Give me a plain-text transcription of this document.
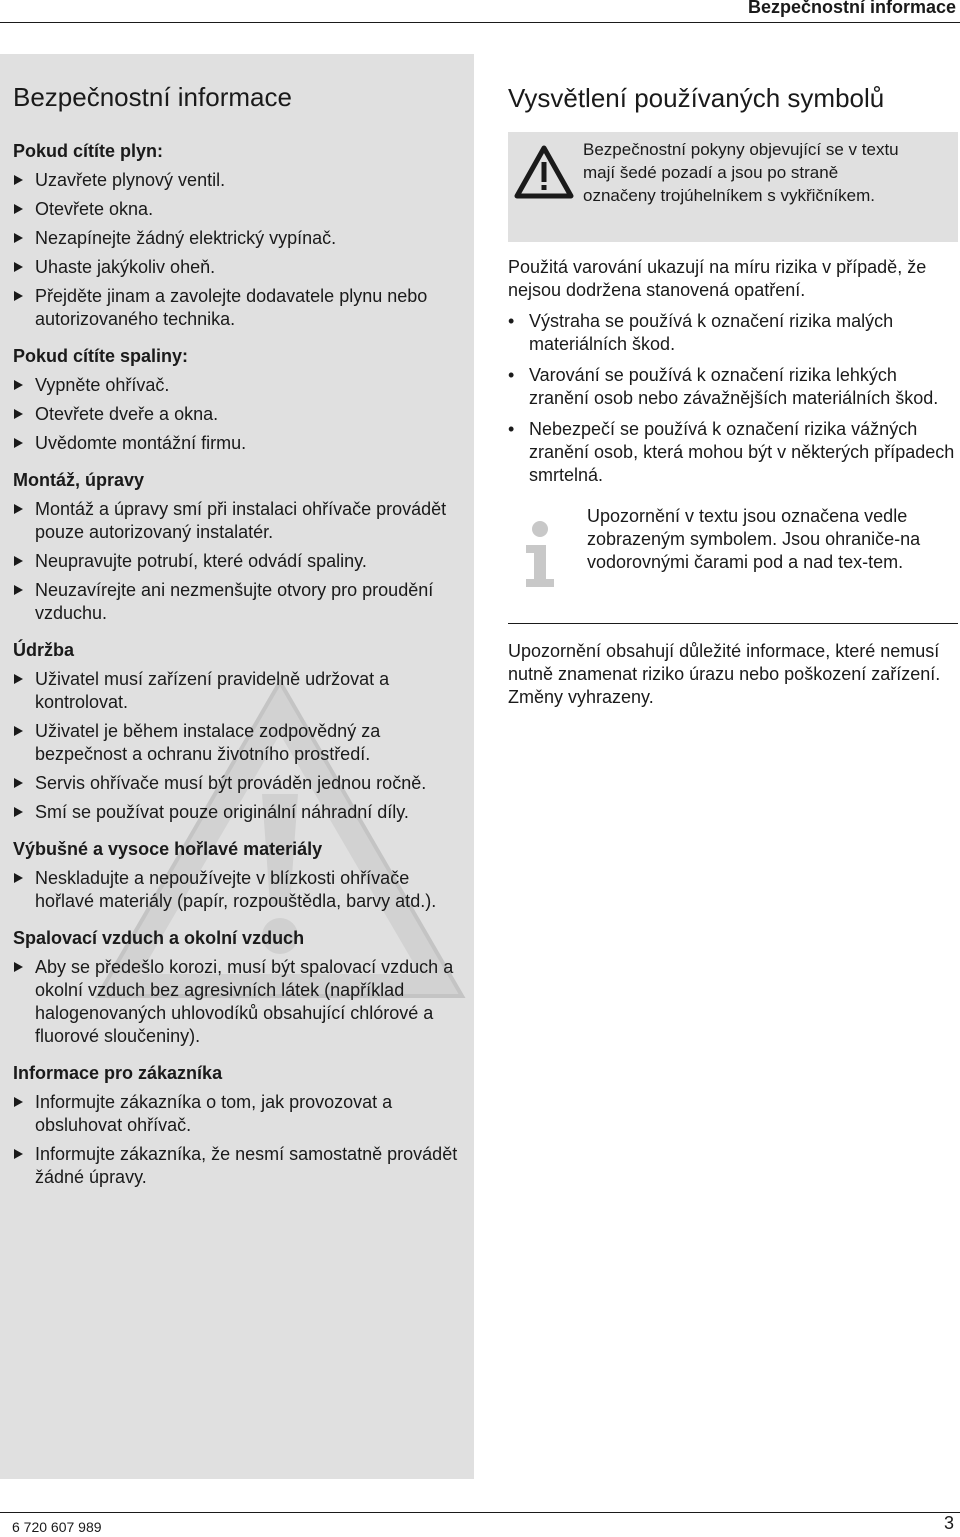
Bezpečnostní informace
Bezpečnostní informace
Pokud cítíte plyn:
Uzavřete plynový ventil.
Otevřete okna.
Nezapínejte žádný elektrický vypínač.
Uhaste jakýkoliv oheň.
Přejděte jinam a zavolejte dodavatele plynu nebo autorizovaného technika.
Pokud cítíte spaliny:
Vypněte ohřívač.
Otevřete dveře a okna.
Uvědomte montážní firmu.
Montáž, úpravy
Montáž a úpravy smí při instalaci ohřívače provádět pouze autorizovaný instalatér.
Neupravujte potrubí, které odvádí spaliny.
Neuzavírejte ani nezmenšujte otvory pro proudění vzduchu.
Údržba
Uživatel musí zařízení pravidelně udržovat a kontrolovat.
Uživatel je během instalace zodpovědný za bezpečnost a ochranu životního prostředí.
Servis ohřívače musí být prováděn jednou ročně.
Smí se používat pouze originální náhradní díly.
Výbušné a vysoce hořlavé materiály
Neskladujte a nepoužívejte v blízkosti ohřívače hořlavé materiály (papír, rozpouštědla, barvy atd.).
Spalovací vzduch a okolní vzduch
Aby se předešlo korozi, musí být spalovací vzduch a okolní vzduch bez agresivních látek (například halogenovaných uhlovodíků obsahující chlórové a fluorové sloučeniny).
Informace pro zákazníka
Informujte zákazníka o tom, jak provozovat a obsluhovat ohřívač.
Informujte zákazníka, že nesmí samostatně provádět žádné úpravy.
Vysvětlení používaných symbolů
Bezpečnostní pokyny objevující se v textu mají šedé pozadí a jsou po straně označeny trojúhelníkem s vykřičníkem.

Použitá varování ukazují na míru rizika v případě, že nejsou dodržena stanovená opatření.

• Výstraha se používá k označení rizika malých materiálních škod.
• Varování se používá k označení rizika lehkých zranění osob nebo závažnějších materiálních škod.
• Nebezpečí se používá k označení rizika vážných zranění osob, která mohou být v některých případech smrtelná.
Upozornění v textu jsou označena vedle zobrazeným symbolem. Jsou ohraniče-na vodorovnými čarami pod a nad tex-tem.

Upozornění obsahují důležité informace, které nemusí nutně znamenat riziko úrazu nebo poškození zařízení.

Změny vyhrazeny.

6 720 607 989	3
